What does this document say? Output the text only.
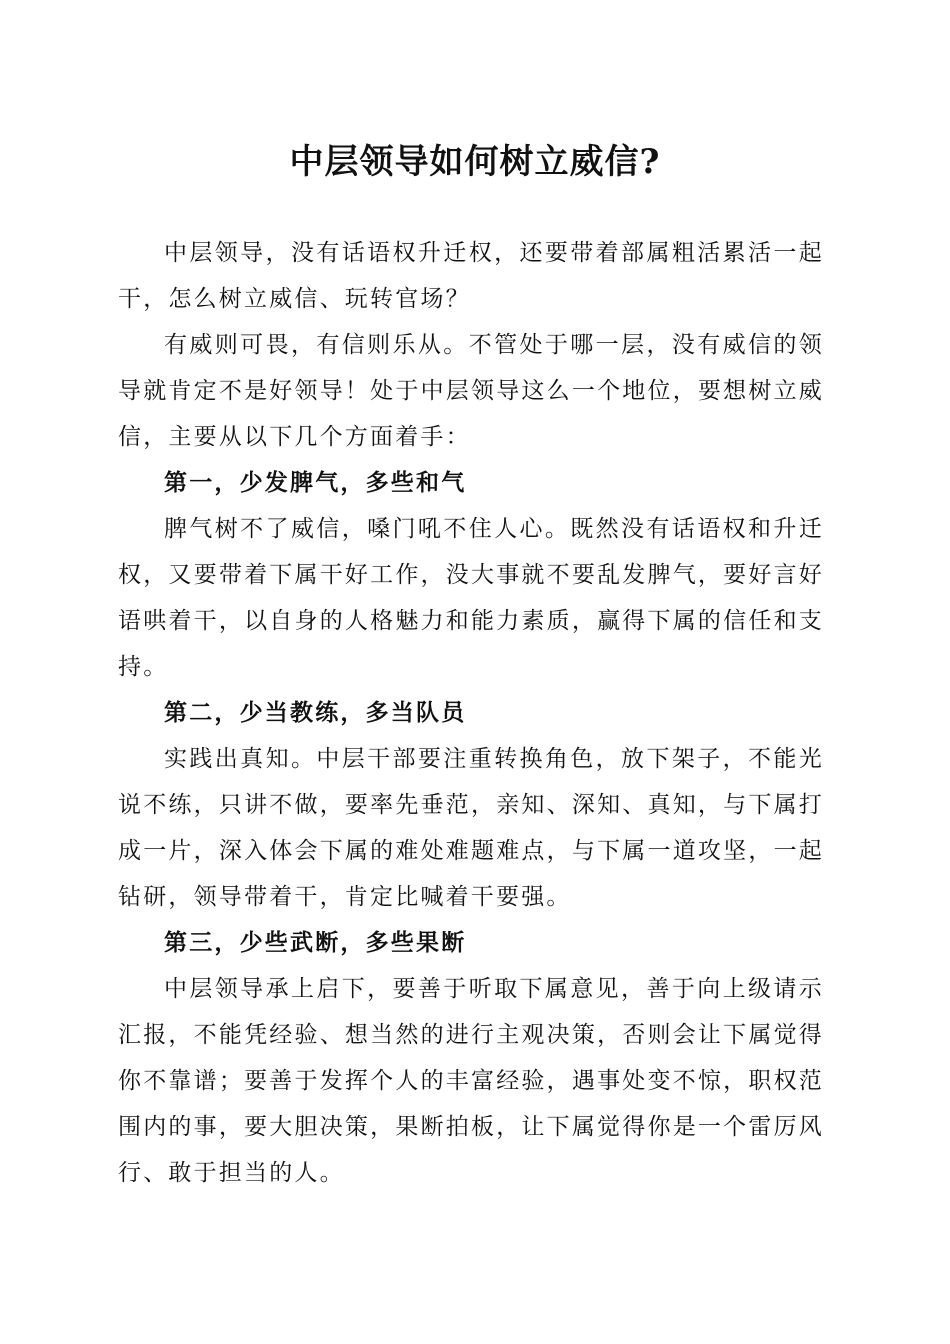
中层领导如何树立威信?

中层领导，没有话语权升迁权，还要带着部属粗活累活一起干，怎么树立威信、玩转官场？

有威则可畏，有信则乐从。不管处于哪一层，没有威信的领导就肯定不是好领导！处于中层领导这么一个地位，要想树立威信，主要从以下几个方面着手：

第一，少发脾气，多些和气

脾气树不了威信，嗓门吼不住人心。既然没有话语权和升迁权，又要带着下属干好工作，没大事就不要乱发脾气，要好言好语哄着干，以自身的人格魅力和能力素质，赢得下属的信任和支持。

第二，少当教练，多当队员

实践出真知。中层干部要注重转换角色，放下架子，不能光说不练，只讲不做，要率先垂范，亲知、深知、真知，与下属打成一片，深入体会下属的难处难题难点，与下属一道攻坚，一起钻研，领导带着干，肯定比喊着干要强。

第三，少些武断，多些果断

中层领导承上启下，要善于听取下属意见，善于向上级请示汇报，不能凭经验、想当然的进行主观决策，否则会让下属觉得你不靠谱；要善于发挥个人的丰富经验，遇事处变不惊，职权范围内的事，要大胆决策，果断拍板，让下属觉得你是一个雷厉风行、敢于担当的人。
